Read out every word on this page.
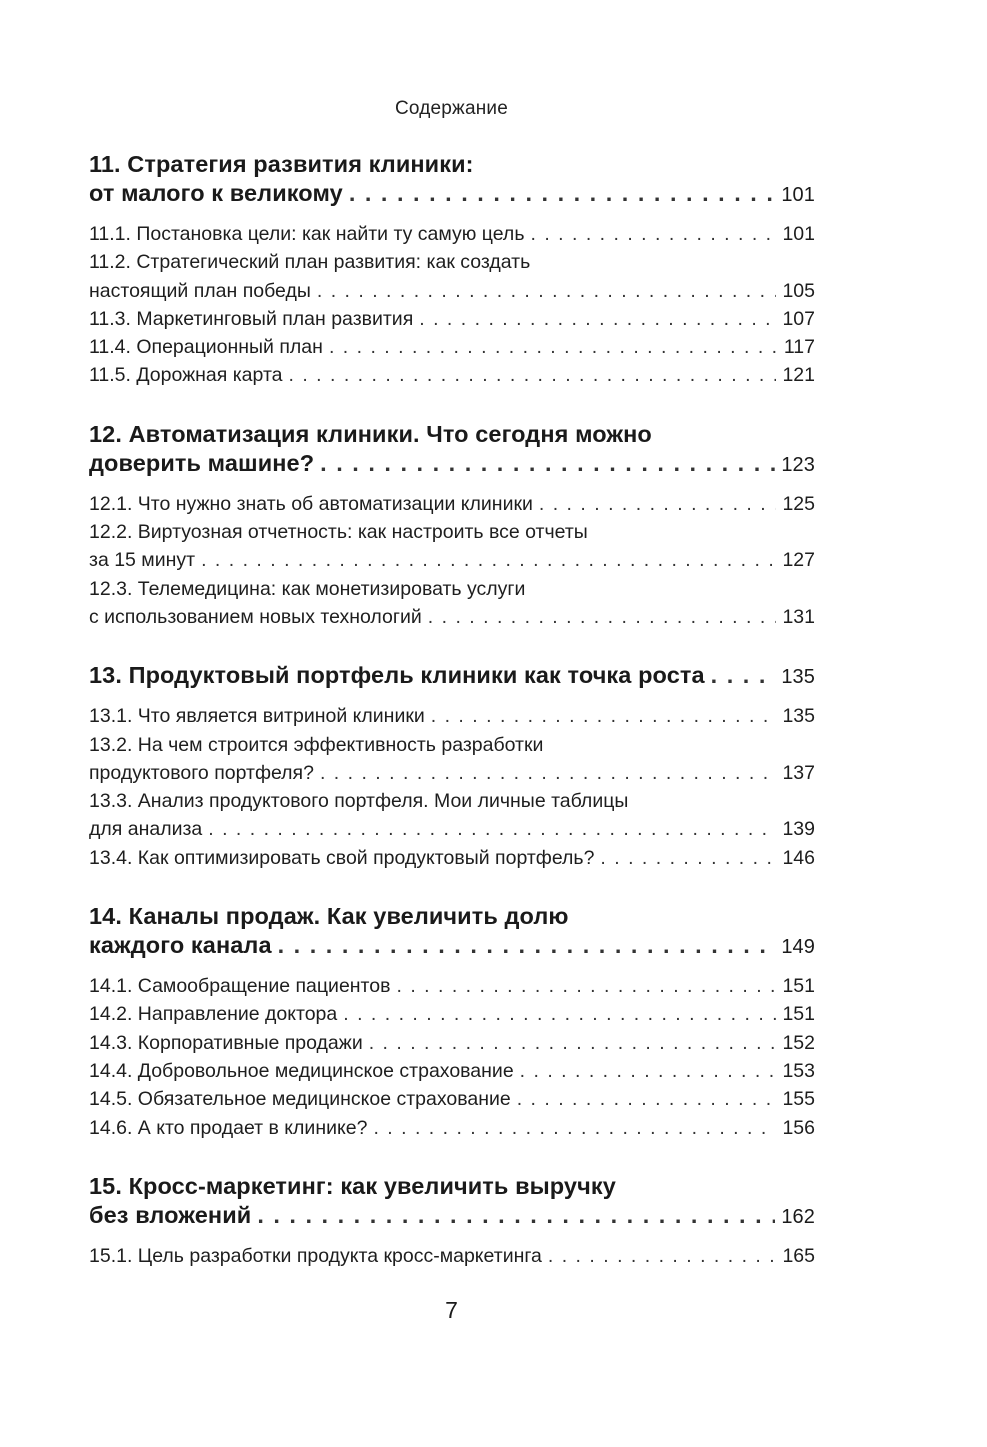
Содержание
11. Стратегия развития клиники:
от малого к великому . . .	101
11.1. Постановка цели: как найти ту самую цель . . .	101
11.2. Стратегический план развития: как создать
настоящий план победы . . .	105
11.3. Маркетинговый план развития . . .	107
11.4. Операционный план . . .	117
11.5. Дорожная карта . . .	121
12. Автоматизация клиники. Что сегодня можно
доверить машине? . . .	123
12.1. Что нужно знать об автоматизации клиники . . .	125
12.2. Виртуозная отчетность: как настроить все отчеты
за 15 минут . . .	127
12.3. Телемедицина: как монетизировать услуги
с использованием новых технологий . . .	131
13. Продуктовый портфель клиники как точка роста . . .	135
13.1. Что является витриной клиники . . .	135
13.2. На чем строится эффективность разработки
продуктового портфеля? . . .	137
13.3. Анализ продуктового портфеля. Мои личные таблицы
для анализа . . .	139
13.4. Как оптимизировать свой продуктовый портфель? . . .	146
14. Каналы продаж. Как увеличить долю
каждого канала . . .	149
14.1. Самообращение пациентов . . .	151
14.2. Направление доктора . . .	151
14.3. Корпоративные продажи . . .	152
14.4. Добровольное медицинское страхование . . .	153
14.5. Обязательное медицинское страхование . . .	155
14.6. А кто продает в клинике? . . .	156
15. Кросс-маркетинг: как увеличить выручку
без вложений . . .	162
15.1. Цель разработки продукта кросс-маркетинга . . .	165
7
